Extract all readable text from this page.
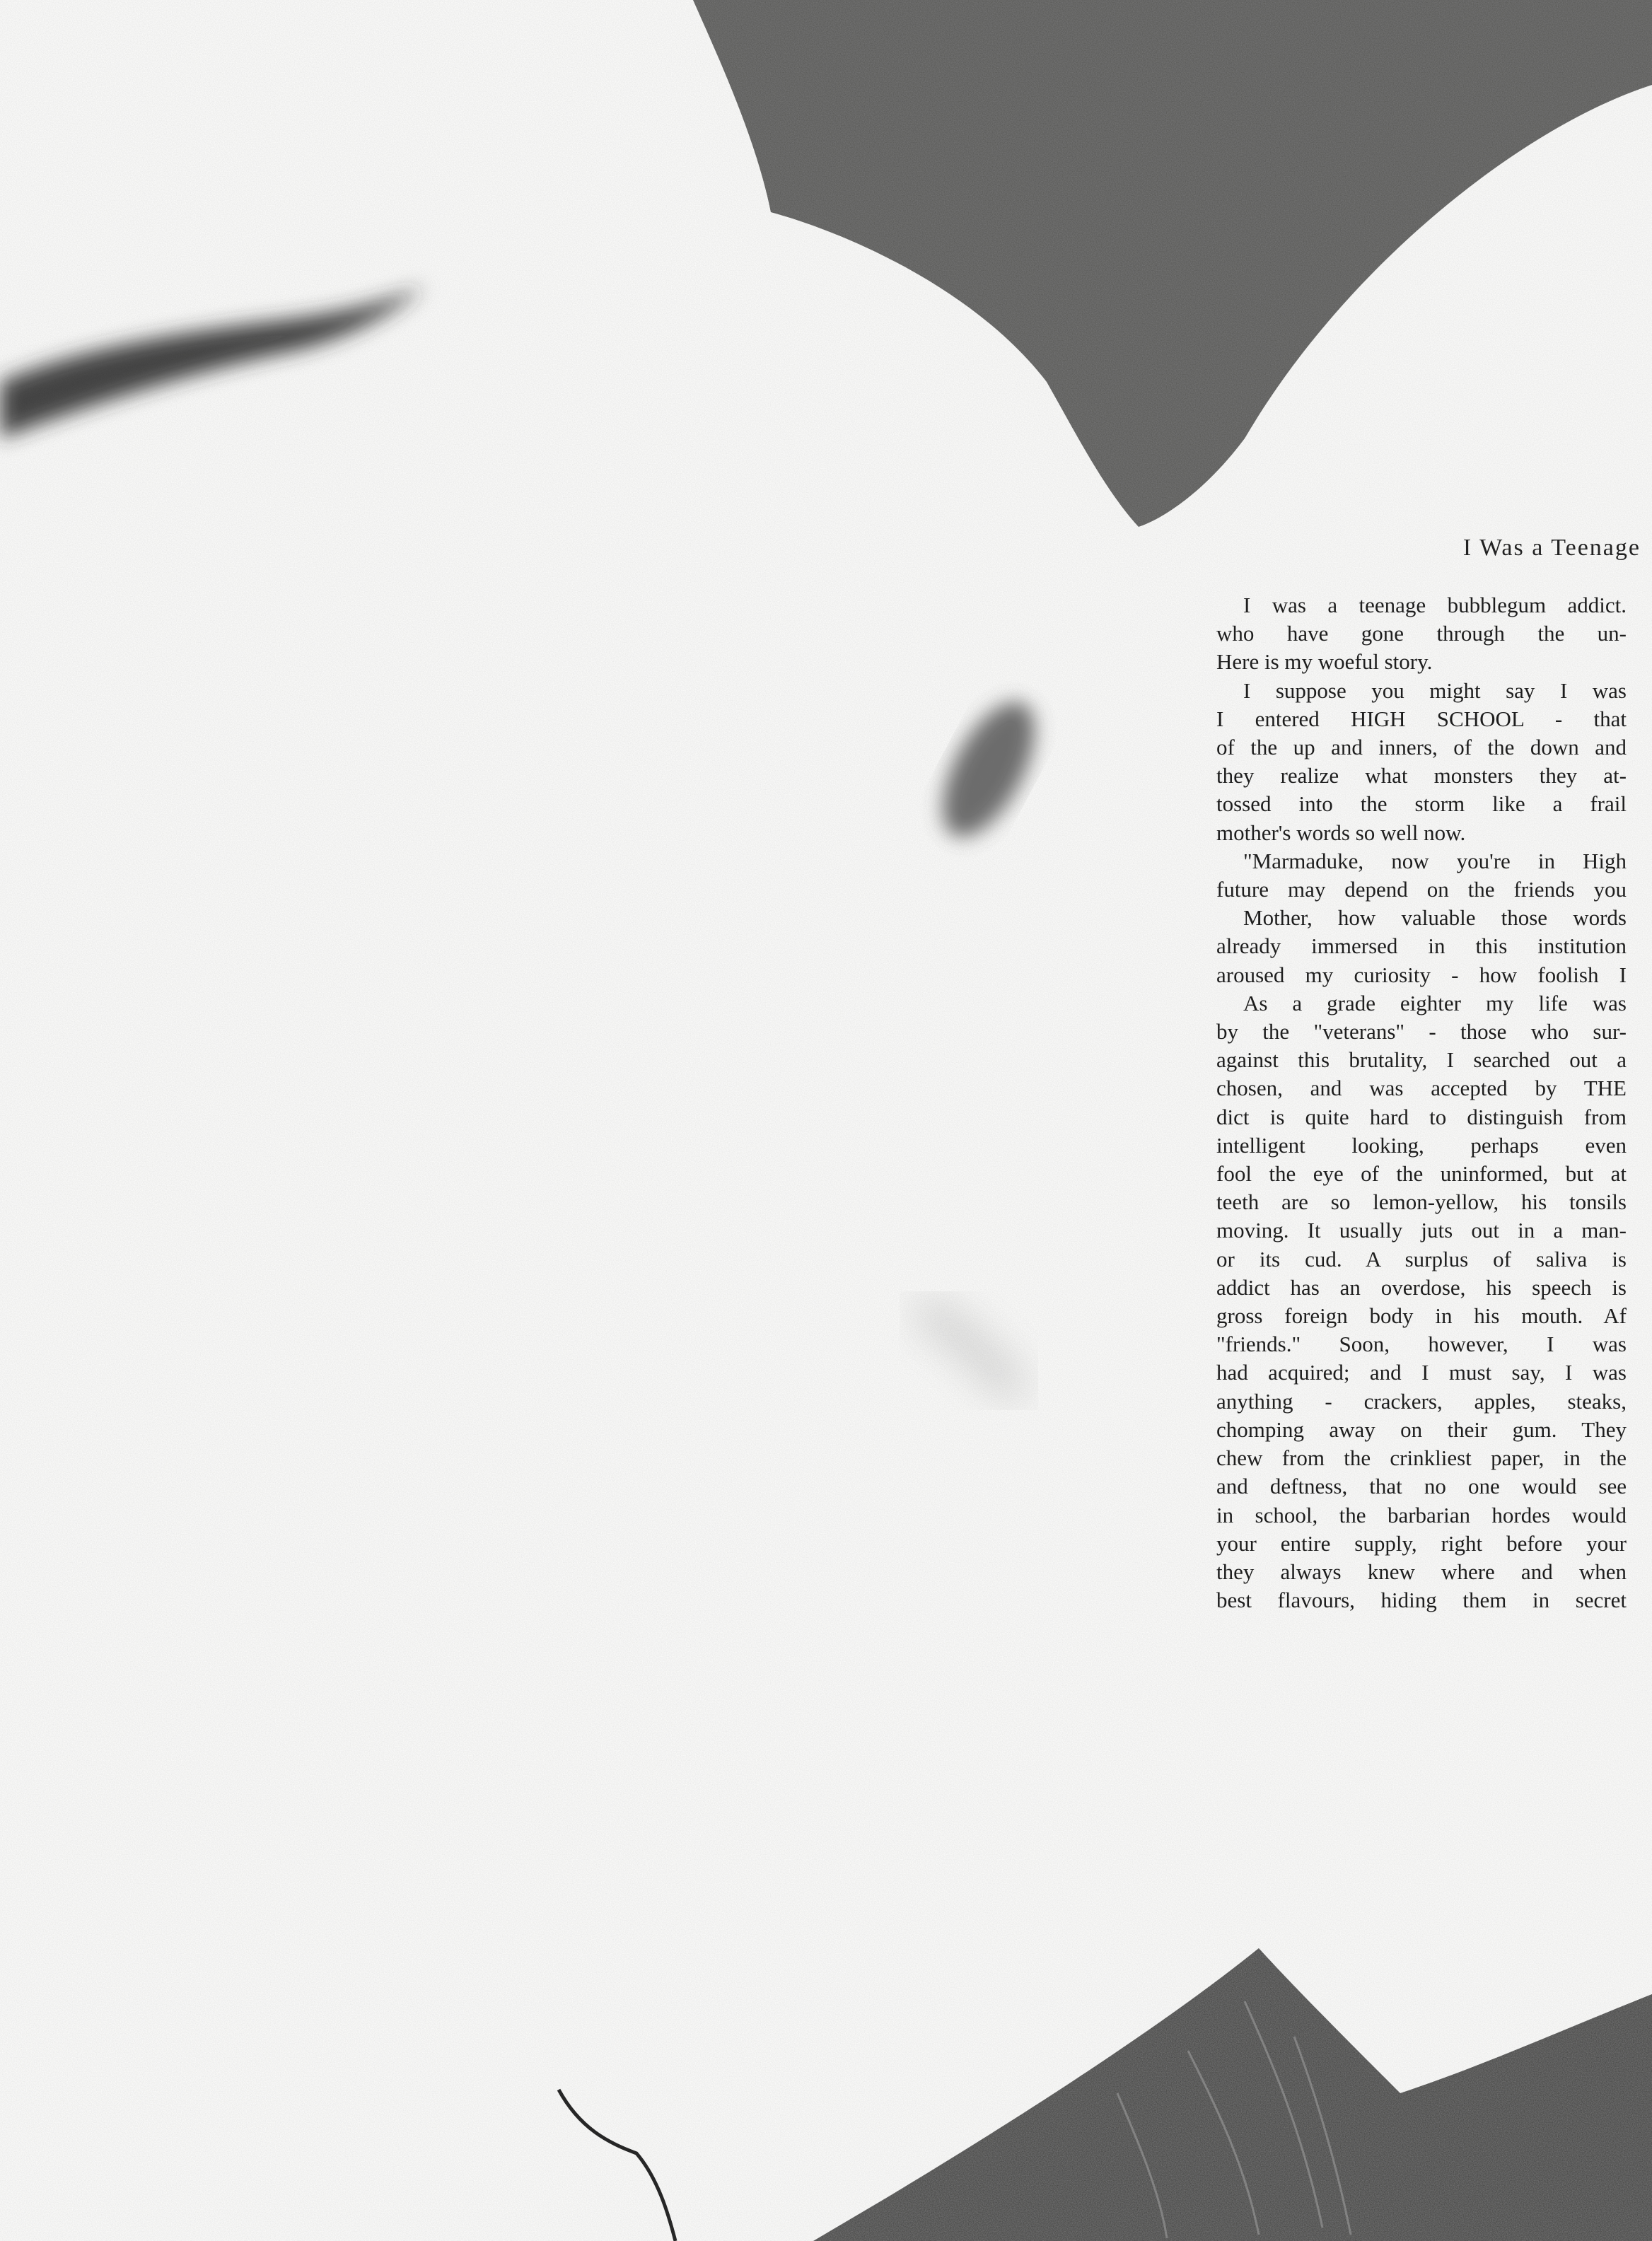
I Was a Teenage
I was a teenage bubblegum addict.
who have gone through the un-
Here is my woeful story.
I suppose you might say I was
I entered HIGH SCHOOL - that
of the up and inners, of the down and
they realize what monsters they at-
tossed into the storm like a frail
mother's words so well now.
"Marmaduke, now you're in High
future may depend on the friends you
Mother, how valuable those words
already immersed in this institution
aroused my curiosity - how foolish I
As a grade eighter my life was
by the "veterans" - those who sur-
against this brutality, I searched out a
chosen, and was accepted by THE
dict is quite hard to distinguish from
intelligent looking, perhaps even
fool the eye of the uninformed, but at
teeth are so lemon-yellow, his tonsils
moving. It usually juts out in a man-
or its cud. A surplus of saliva is
addict has an overdose, his speech is
gross foreign body in his mouth. Af
"friends." Soon, however, I was
had acquired; and I must say, I was
anything - crackers, apples, steaks,
chomping away on their gum. They
chew from the crinkliest paper, in the
and deftness, that no one would see
in school, the barbarian hordes would
your entire supply, right before your
they always knew where and when
best flavours, hiding them in secret
